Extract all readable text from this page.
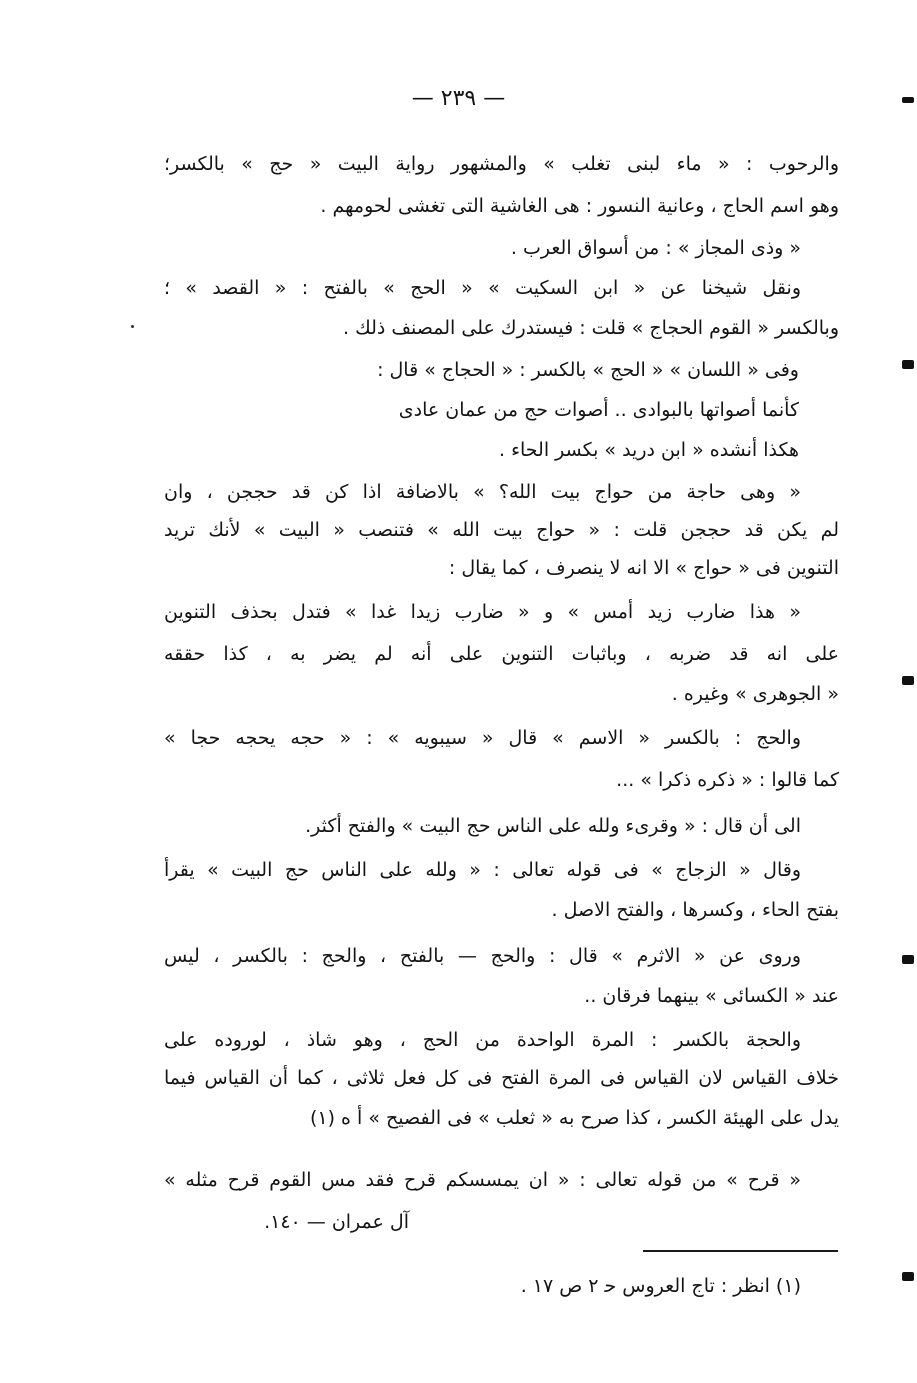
— ٢٣٩ —
والرحوب : « ماء لبنى تغلب » والمشهور رواية البيت « حج » بالكسر؛
وهو اسم الحاج ، وعانية النسور : هى الغاشية التى تغشى لحومهم .
« وذى المجاز » : من أسواق العرب .
ونقل شيخنا عن « ابن السكيت » « الحج » بالفتح : « القصد » ؛
وبالكسر « القوم الحجاج » قلت : فيستدرك على المصنف ذلك .
وفى « اللسان » « الحج » بالكسر : « الحجاج » قال :
كأنما أصواتها بالبوادى .. أصوات حج من عمان عادى
هكذا أنشده « ابن دريد » بكسر الحاء .
« وهى حاجة من حواج بيت الله؟ » بالاضافة اذا كن قد حججن ، وان
لم يكن قد حججن قلت : « حواج بيت الله » فتنصب « البيت » لأنك تريد
التنوين فى « حواج » الا انه لا ينصرف ، كما يقال :
« هذا ضارب زيد أمس » و « ضارب زيدا غدا » فتدل بحذف التنوين
على انه قد ضربه ، وباثبات التنوين على أنه لم يضر به ، كذا حققه
« الجوهرى » وغيره .
والحج : بالكسر « الاسم » قال « سيبويه » : « حجه يحجه حجا »
كما قالوا : « ذكره ذكرا » ...
الى أن قال : « وقرىء ولله على الناس حج البيت » والفتح أكثر.
وقال « الزجاج » فى قوله تعالى : « ولله على الناس حج البيت » يقرأ
بفتح الحاء ، وكسرها ، والفتح الاصل .
وروى عن « الاثرم » قال : والحج — بالفتح ، والحج : بالكسر ، ليس
عند « الكسائى » بينهما فرقان ..
والحجة بالكسر : المرة الواحدة من الحج ، وهو شاذ ، لوروده على
خلاف القياس لان القياس فى المرة الفتح فى كل فعل ثلاثى ، كما أن القياس فيما
يدل على الهيئة الكسر ، كذا صرح به « ثعلب » فى الفصيح » أ ه (١)
« قرح » من قوله تعالى : « ان يمسسكم قرح فقد مس القوم قرح مثله »
آل عمران — ١٤٠.
(١) انظر : تاج العروس ﺣ ٢ ص ١٧ .
